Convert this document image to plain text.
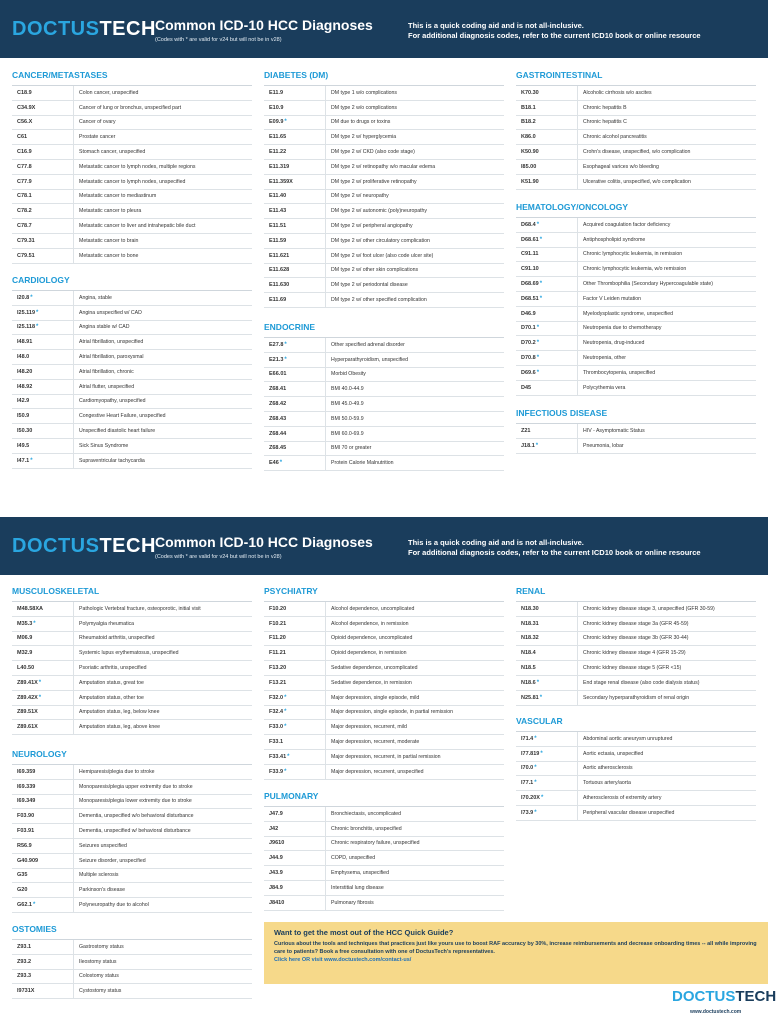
DOCTUSTECH Common ICD-10 HCC Diagnoses
(Codes with * are valid for v24 but will not be in v28)
This is a quick coding aid and is not all-inclusive.
For additional diagnosis codes, refer to the current ICD10 book or online resource
CANCER/METASTASES
C18.9	Colon cancer, unspecified
C34.9X	Cancer of lung or bronchus, unspecified part
C56.X	Cancer of ovary
C61	Prostate cancer
C16.9	Stomach cancer, unspecified
C77.8	Metastatic cancer to lymph nodes, multiple regions
C77.9	Metastatic cancer to lymph nodes, unspecified
C78.1	Metastatic cancer to mediastinum
C78.2	Metastatic cancer to pleura
C78.7	Metastatic cancer to liver and intrahepatic bile duct
C79.31	Metastatic cancer to brain
C79.51	Metastatic cancer to bone
CARDIOLOGY
I20.8 *	Angina, stable
I25.119 *	Angina unspecified w/ CAD
I25.118 *	Angina stable w/ CAD
I48.91	Atrial fibrillation, unspecified
I48.0	Atrial fibrillation, paroxysmal
I48.20	Atrial fibrillation, chronic
I48.92	Atrial flutter, unspecified
I42.9	Cardiomyopathy, unspecified
I50.9	Congestive Heart Failure, unspecified
I50.30	Unspecified diastolic heart failure
I49.5	Sick Sinus Syndrome
I47.1 *	Supraventricular tachycardia
DIABETES (DM)
E11.9	DM type 1 w/o complications
E10.9	DM type 2 w/o complications
E09.9 *	DM due to drugs or toxins
E11.65	DM type 2 w/ hyperglycemia
E11.22	DM type 2 w/ CKD (also code stage)
E11.319	DM type 2 w/ retinopathy w/o macular edema
E11.359X	DM type 2 w/ proliferative retinopathy
E11.40	DM type 2 w/ neuropathy
E11.43	DM type 2 w/ autonomic (poly)neuropathy
E11.51	DM type 2 w/ peripheral angiopathy
E11.59	DM type 2 w/ other circulatory complication
E11.621	DM type 2 w/ foot ulcer (also code ulcer site)
E11.628	DM type 2 w/ other skin complications
E11.630	DM type 2 w/ periodontal disease
E11.69	DM type 2 w/ other specified complication
ENDOCRINE
E27.8 *	Other specified adrenal disorder
E21.3 *	Hyperparathyroidism, unspecified
E66.01	Morbid Obesity
Z68.41	BMI 40.0-44.9
Z68.42	BMI 45.0-49.9
Z68.43	BMI 50.0-59.9
Z68.44	BMI 60.0-69.9
Z68.45	BMI 70 or greater
E46 *	Protein Calorie Malnutrition
GASTROINTESTINAL
K70.30	Alcoholic cirrhosis w/o ascites
B18.1	Chronic hepatitis B
B18.2	Chronic hepatitis C
K86.0	Chronic alcohol pancreatitis
K50.90	Crohn's disease, unspecified, w/o complication
I85.00	Esophageal varices w/o bleeding
K51.90	Ulcerative colitis, unspecified, w/o complication
HEMATOLOGY/ONCOLOGY
D68.4 *	Acquired coagulation factor deficiency
D68.61 *	Antiphospholipid syndrome
C91.11	Chronic lymphocytic leukemia, in remission
C91.10	Chronic lymphocytic leukemia, w/o remission
D68.69 *	Other Thrombophilia (Secondary Hypercoagulable state)
D68.51 *	Factor V Leiden mutation
D46.9	Myelodysplastic syndrome, unspecified
D70.1 *	Neutropenia due to chemotherapy
D70.2 *	Neutropenia, drug-induced
D70.8 *	Neutropenia, other
D69.6 *	Thrombocytopenia, unspecified
D45	Polycythemia vera
INFECTIOUS DISEASE
Z21	HIV - Asymptomatic Status
J18.1 *	Pneumonia, lobar
DOCTUSTECH Common ICD-10 HCC Diagnoses
(Codes with * are valid for v24 but will not be in v28)
This is a quick coding aid and is not all-inclusive.
For additional diagnosis codes, refer to the current ICD10 book or online resource
MUSCULOSKELETAL
M48.58XA	Pathologic Vertebral fracture, osteoporotic, initial visit
M35.3 *	Polymyalgia rheumatica
M06.9	Rheumatoid arthritis, unspecified
M32.9	Systemic lupus erythematosus, unspecified
L40.50	Psoriatic arthritis, unspecified
Z89.41X *	Amputation status, great toe
Z89.42X *	Amputation status, other toe
Z89.51X	Amputation status, leg, below knee
Z89.61X	Amputation status, leg, above knee
NEUROLOGY
I69.359	Hemiparesis/plegia due to stroke
I69.339	Monoparesis/plegia upper extremity due to stroke
I69.349	Monoparesis/plegia lower extremity due to stroke
F03.90	Dementia, unspecified w/o behavioral disturbance
F03.91	Dementia, unspecified w/ behavioral disturbance
R56.9	Seizures unspecified
G40.909	Seizure disorder, unspecified
G35	Multiple sclerosis
G20	Parkinson's disease
G62.1 *	Polyneuropathy due to alcohol
OSTOMIES
Z93.1	Gastrostomy status
Z93.2	Ileostomy status
Z93.3	Colostomy status
I9731X	Cystostomy status
PSYCHIATRY
F10.20	Alcohol dependence, uncomplicated
F10.21	Alcohol dependence, in remission
F11.20	Opioid dependence, uncomplicated
F11.21	Opioid dependence, in remission
F13.20	Sedative dependence, uncomplicated
F13.21	Sedative dependence, in remission
F32.0 *	Major depression, single episode, mild
F32.4 *	Major depression, single episode, in partial remission
F33.0 *	Major depression, recurrent, mild
F33.1	Major depression, recurrent, moderate
F33.41 *	Major depression, recurrent, in partial remission
F33.9 *	Major depression, recurrent, unspecified
PULMONARY
J47.9	Bronchiectasis, uncomplicated
J42	Chronic bronchitis, unspecified
J9610	Chronic respiratory failure, unspecified
J44.9	COPD, unspecified
J43.9	Emphysema, unspecified
J84.9	Interstitial lung disease
J8410	Pulmonary fibrosis
RENAL
N18.30	Chronic kidney disease stage 3, unspecified (GFR 30-59)
N18.31	Chronic kidney disease stage 3a (GFR 45-59)
N18.32	Chronic kidney disease stage 3b (GFR 30-44)
N18.4	Chronic kidney disease stage 4 (GFR 15-29)
N18.5	Chronic kidney disease stage 5 (GFR <15)
N18.6 *	End stage renal disease (also code dialysis status)
N25.81 *	Secondary hyperparathyroidism of renal origin
VASCULAR
I71.4 *	Abdominal aortic aneurysm unruptured
I77.819 *	Aortic ectasia, unspecified
I70.0 *	Aortic atherosclerosis
I77.1 *	Tortuous artery/aorta
I70.20X *	Atherosclerosis of extremity artery
I73.9 *	Peripheral vascular disease unspecified
Want to get the most out of the HCC Quick Guide?
Curious about the tools and techniques that practices just like yours use to boost RAF accuracy by 30%, increase reimbursements and decrease onboarding times -- all while improving care to patients? Book a free consultation with one of DoctusTech's representatives.
Click here OR visit www.doctustech.com/contact-us/
DOCTUSTECH
www.doctustech.com
